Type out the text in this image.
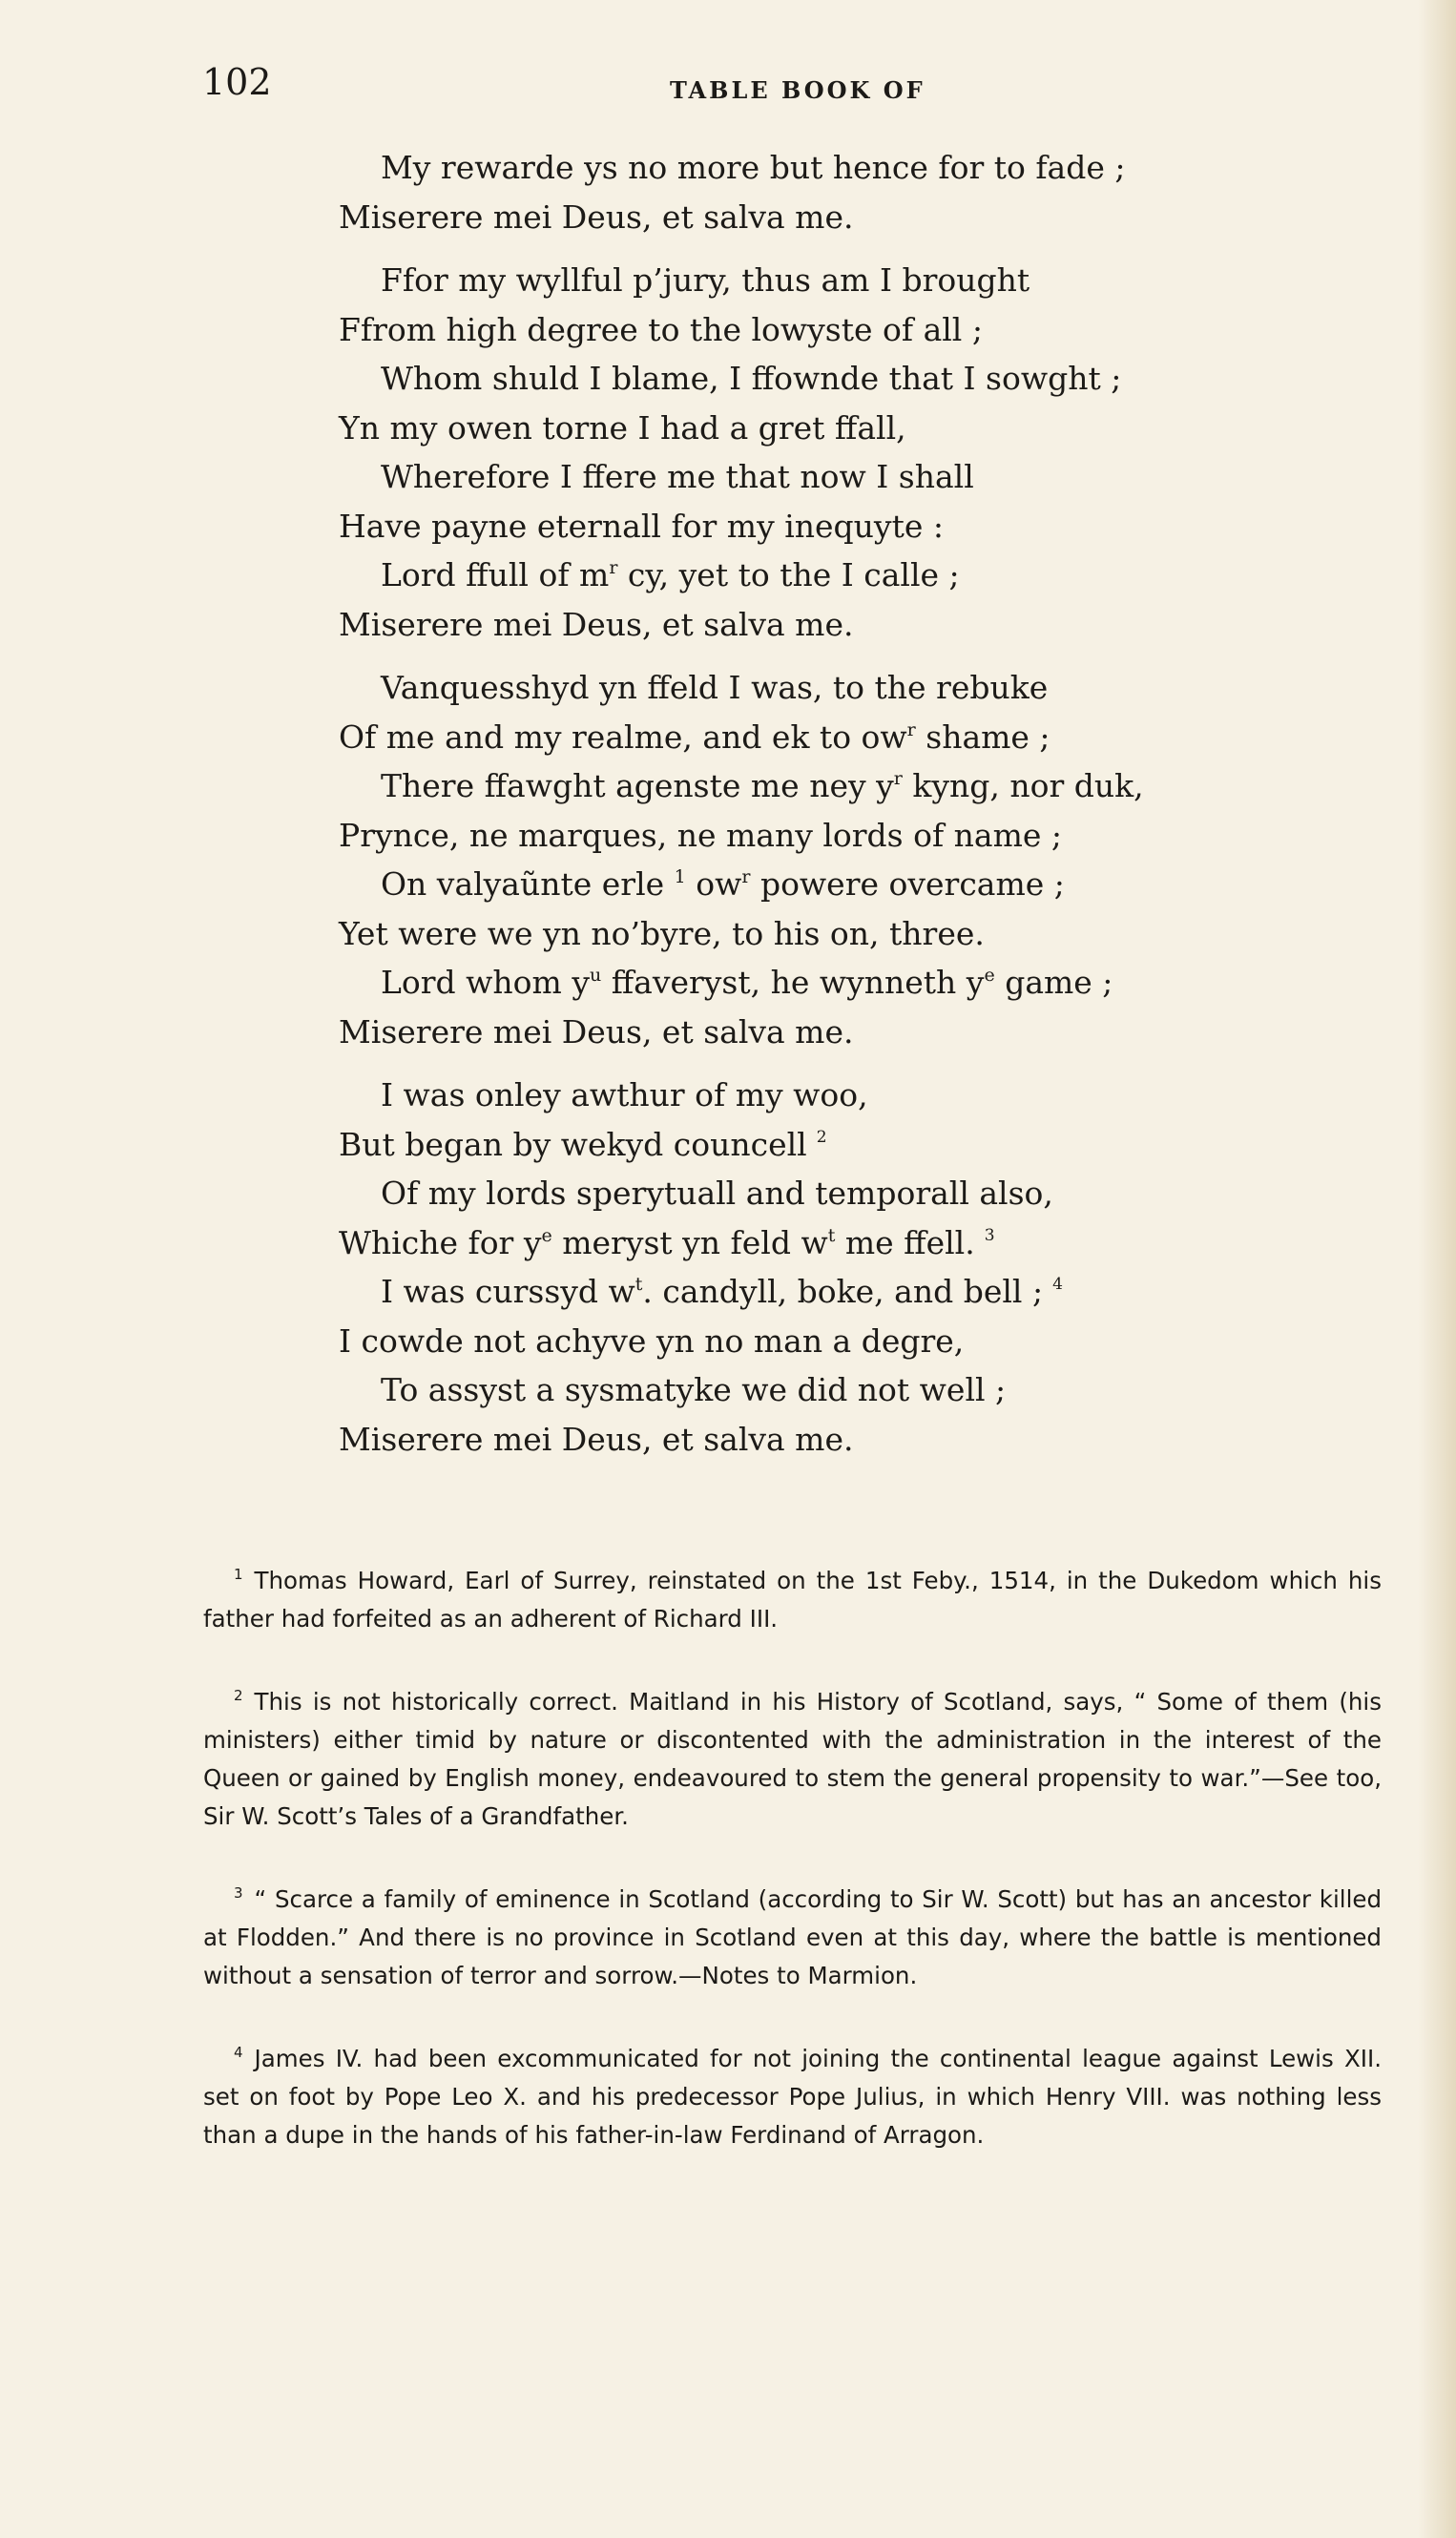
102	TABLE BOOK OF
My rewarde ys no more but hence for to fade ;
Miserere mei Deus, et salva me.
Ffor my wyllful p’jury, thus am I brought
Ffrom high degree to the lowyste of all ;
Whom shuld I blame, I ffownde that I sowght ;
Yn my owen torne I had a gret ffall,
Wherefore I ffere me that now I shall
Have payne eternall for my inequyte :
Lord ffull of $m^r$ cy, yet to the I calle ;
Miserere mei Deus, et salva me.
Vanquesshyd yn ffeld I was, to the rebuke
Of me and my realme, and ek to $ow^r$ shame ;
There ffawght agenste me ney $y^r$ kyng, nor duk,
Prynce, ne marques, ne many lords of name ;
On valyaũnte erle $^1$ $ow^r$ powere overcame ;
Yet were we yn no’byre, to his on, three.
Lord whom $y^u$ ffaveryst, he wynneth $y^e$ game ;
Miserere mei Deus, et salva me.
I was onley awthur of my woo,
But began by wekyd councell $^2$
Of my lords sperytuall and temporall also,
Whiche for $y^e$ meryst yn feld $w^t$ me ffell. $^3$
I was curssyd $w^t$. candyll, boke, and bell ; $^4$
I cowde not achyve yn no man a degre,
To assyst a sysmatyke we did not well ;
Miserere mei Deus, et salva me.

$^1$ Thomas Howard, Earl of Surrey, reinstated on the 1st Feby., 1514, in the Dukedom which his father had forfeited as an adherent of Richard III.

$^2$ This is not historically correct. Maitland in his History of Scotland, says, “ Some of them (his ministers) either timid by nature or discontented with the administration in the interest of the Queen or gained by English money, endeavoured to stem the general propensity to war.”—See too, Sir W. Scott’s Tales of a Grandfather.

$^3$ “ Scarce a family of eminence in Scotland (according to Sir W. Scott) but has an ancestor killed at Flodden.” And there is no province in Scotland even at this day, where the battle is mentioned without a sensation of terror and sorrow.—Notes to Marmion.

$^4$ James IV. had been excommunicated for not joining the continental league against Lewis XII. set on foot by Pope Leo X. and his predecessor Pope Julius, in which Henry VIII. was nothing less than a dupe in the hands of his father-in-law Ferdinand of Arragon.
